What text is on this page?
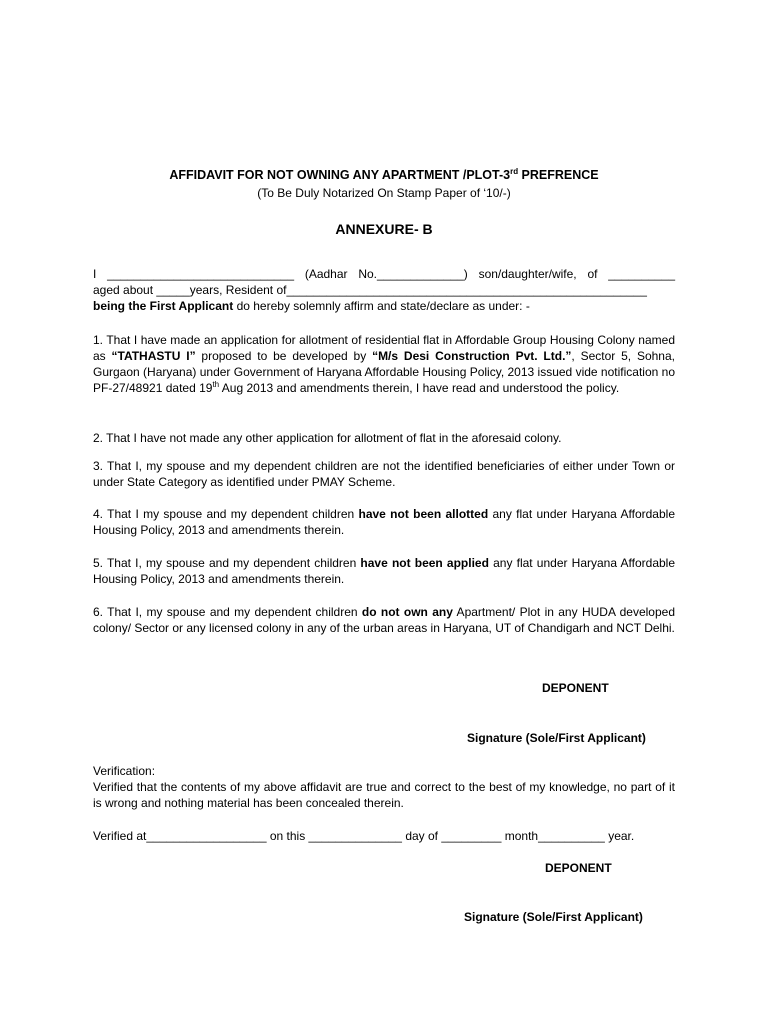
AFFIDAVIT FOR NOT OWNING ANY APARTMENT /PLOT-3rd PREFRENCE
(To Be Duly Notarized On Stamp Paper of ‘10/-)
ANNEXURE- B
I ____________________________ (Aadhar No._____________) son/daughter/wife, of __________
aged about _____years, Resident of______________________________________________________
being the First Applicant do hereby solemnly affirm and state/declare as under: -
1. That I have made an application for allotment of residential flat in Affordable Group Housing Colony named as “TATHASTU I” proposed to be developed by “M/s Desi Construction Pvt. Ltd.”, Sector 5, Sohna, Gurgaon (Haryana) under Government of Haryana Affordable Housing Policy, 2013 issued vide notification no PF-27/48921 dated 19th Aug 2013 and amendments therein, I have read and understood the policy.
2. That I have not made any other application for allotment of flat in the aforesaid colony.
3. That I, my spouse and my dependent children are not the identified beneficiaries of either under Town or under State Category as identified under PMAY Scheme.
4. That I my spouse and my dependent children have not been allotted any flat under Haryana Affordable Housing Policy, 2013 and amendments therein.
5. That I, my spouse and my dependent children have not been applied any flat under Haryana Affordable Housing Policy, 2013 and amendments therein.
6. That I, my spouse and my dependent children do not own any Apartment/ Plot in any HUDA developed colony/ Sector or any licensed colony in any of the urban areas in Haryana, UT of Chandigarh and NCT Delhi.
DEPONENT
Signature (Sole/First Applicant)
Verification:
Verified that the contents of my above affidavit are true and correct to the best of my knowledge, no part of it is wrong and nothing material has been concealed therein.
Verified at__________________ on this ______________ day of _________ month__________ year.
DEPONENT
Signature (Sole/First Applicant)
